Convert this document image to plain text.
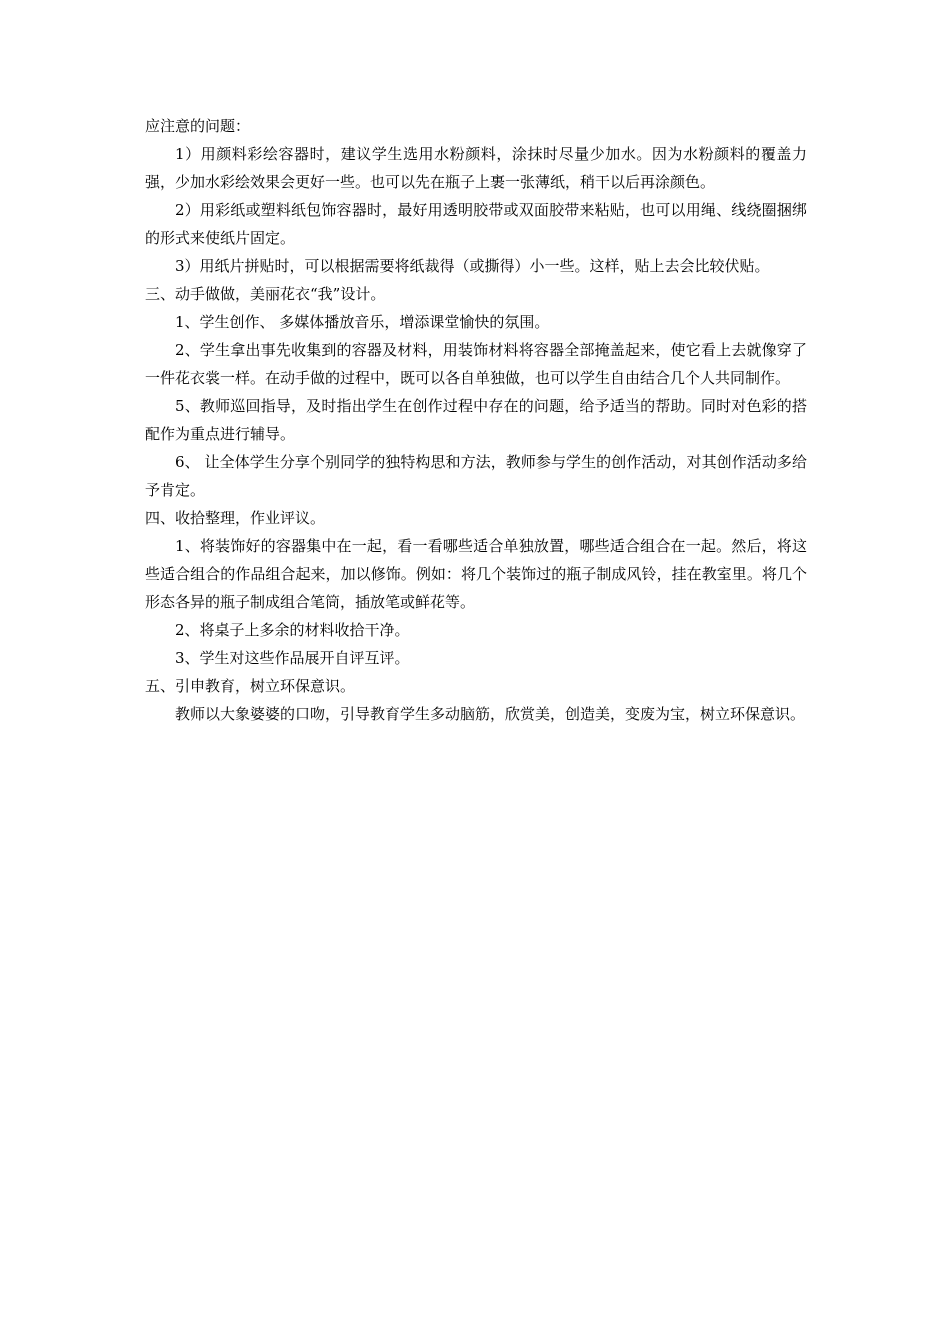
应注意的问题：

1）用颜料彩绘容器时，建议学生选用水粉颜料，涂抹时尽量少加水。因为水粉颜料的覆盖力强，少加水彩绘效果会更好一些。也可以先在瓶子上裹一张薄纸，稍干以后再涂颜色。

2）用彩纸或塑料纸包饰容器时，最好用透明胶带或双面胶带来粘贴，也可以用绳、线绕圈捆绑的形式来使纸片固定。

3）用纸片拼贴时，可以根据需要将纸裁得（或撕得）小一些。这样，贴上去会比较伏贴。

三、动手做做，美丽花衣“我”设计。

1、学生创作、 多媒体播放音乐，增添课堂愉快的氛围。

2、学生拿出事先收集到的容器及材料，用装饰材料将容器全部掩盖起来，使它看上去就像穿了一件花衣裳一样。在动手做的过程中，既可以各自单独做，也可以学生自由结合几个人共同制作。

5、教师巡回指导，及时指出学生在创作过程中存在的问题，给予适当的帮助。同时对色彩的搭配作为重点进行辅导。

6、 让全体学生分享个别同学的独特构思和方法，教师参与学生的创作活动，对其创作活动多给予肯定。

四、收拾整理，作业评议。

1、将装饰好的容器集中在一起，看一看哪些适合单独放置，哪些适合组合在一起。然后，将这些适合组合的作品组合起来，加以修饰。例如：将几个装饰过的瓶子制成风铃，挂在教室里。将几个形态各异的瓶子制成组合笔筒，插放笔或鲜花等。

2、将桌子上多余的材料收拾干净。

3、学生对这些作品展开自评互评。

五、引申教育，树立环保意识。

教师以大象婆婆的口吻，引导教育学生多动脑筋，欣赏美，创造美，变废为宝，树立环保意识。
